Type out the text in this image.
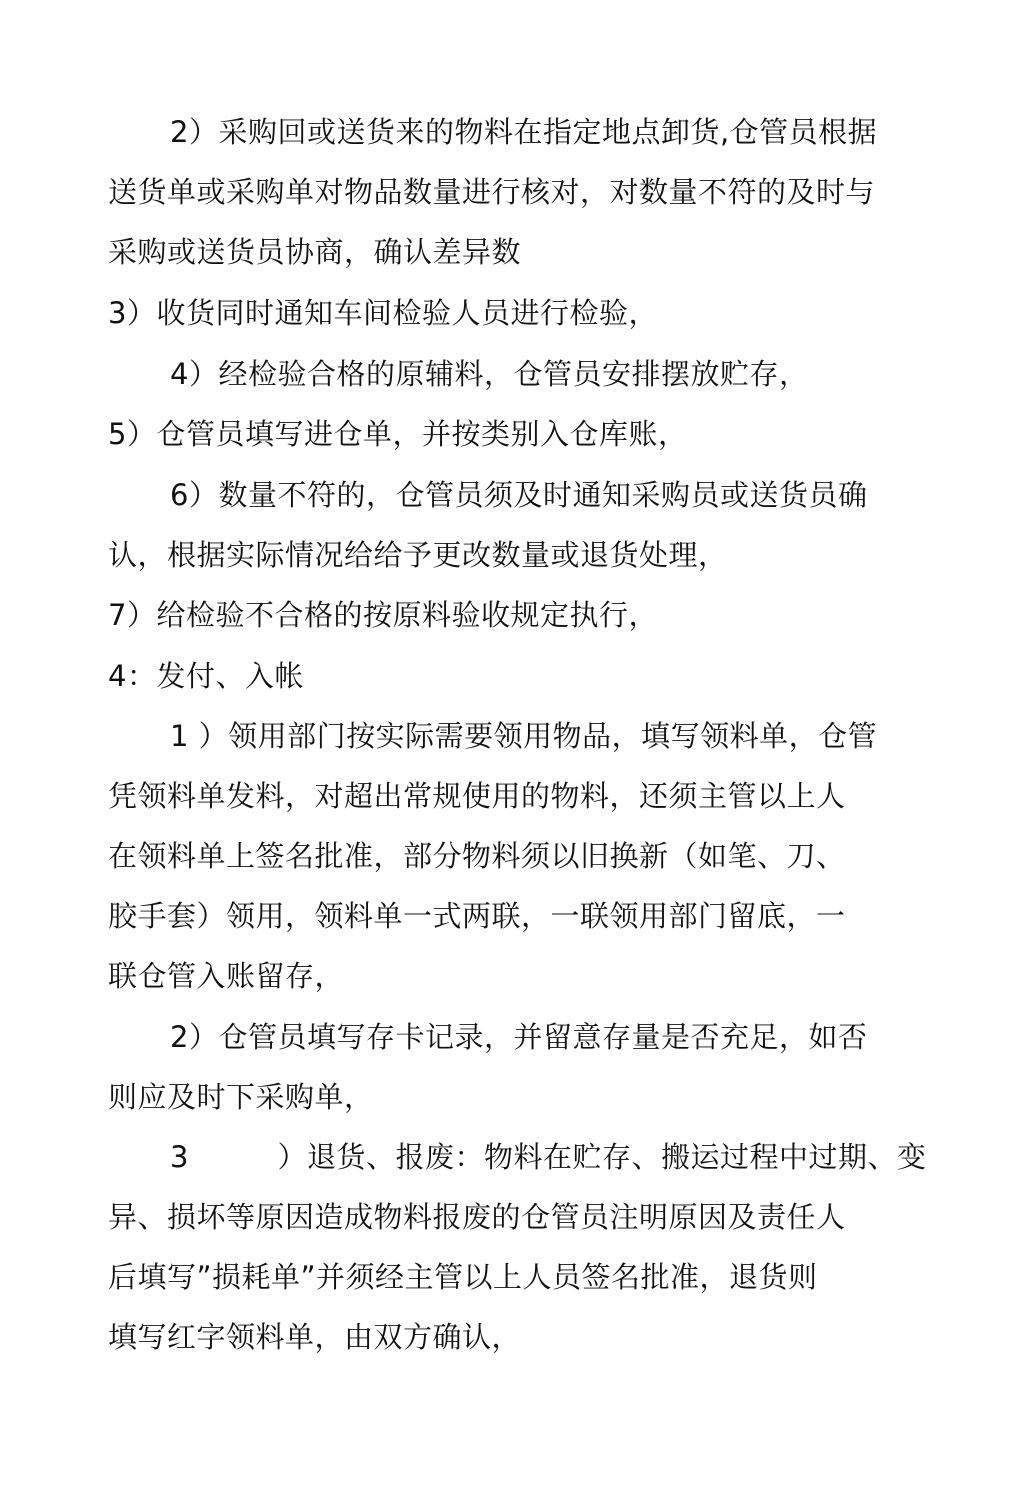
2）采购回或送货来的物料在指定地点卸货,仓管员根据
送货单或采购单对物品数量进行核对，对数量不符的及时与
采购或送货员协商，确认差异数
3）收货同时通知车间检验人员进行检验，
4）经检验合格的原辅料，仓管员安排摆放贮存，
5）仓管员填写进仓单，并按类别入仓库账，
6）数量不符的，仓管员须及时通知采购员或送货员确
认，根据实际情况给给予更改数量或退货处理，
7）给检验不合格的按原料验收规定执行，
4：发付、入帐
1 ）领用部门按实际需要领用物品，填写领料单，仓管
凭领料单发料，对超出常规使用的物料，还须主管以上人
在领料单上签名批准，部分物料须以旧换新（如笔、刀、
胶手套）领用，领料单一式两联，一联领用部门留底，一
联仓管入账留存，
2）仓管员填写存卡记录，并留意存量是否充足，如否
则应及时下采购单，
3　　　）退货、报废：物料在贮存、搬运过程中过期、变
异、损坏等原因造成物料报废的仓管员注明原因及责任人
后填写”损耗单”并须经主管以上人员签名批准，退货则
填写红字领料单，由双方确认，
